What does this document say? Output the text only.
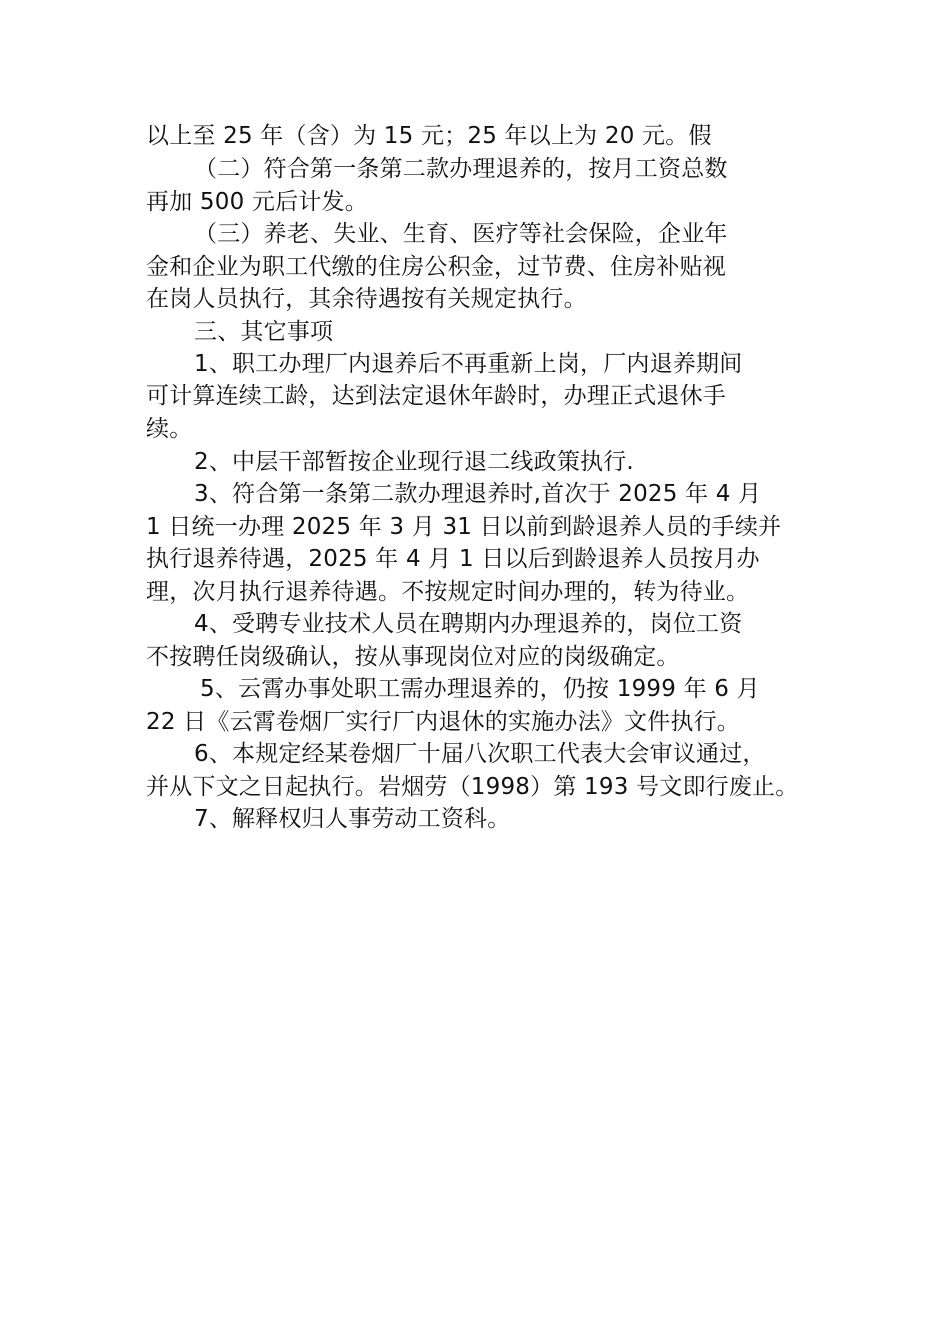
以上至 25 年（含）为 15 元；25 年以上为 20 元。假
（二）符合第一条第二款办理退养的，按月工资总数
再加 500 元后计发。
（三）养老、失业、生育、医疗等社会保险，企业年
金和企业为职工代缴的住房公积金，过节费、住房补贴视
在岗人员执行，其余待遇按有关规定执行。
三、其它事项
1、职工办理厂内退养后不再重新上岗，厂内退养期间
可计算连续工龄，达到法定退休年龄时，办理正式退休手
续。
2、中层干部暂按企业现行退二线政策执行.
3、符合第一条第二款办理退养时,首次于 2025 年 4 月
1 日统一办理 2025 年 3 月 31 日以前到龄退养人员的手续并
执行退养待遇，2025 年 4 月 1 日以后到龄退养人员按月办
理，次月执行退养待遇。不按规定时间办理的，转为待业。
4、受聘专业技术人员在聘期内办理退养的，岗位工资
不按聘任岗级确认，按从事现岗位对应的岗级确定。
5、云霄办事处职工需办理退养的，仍按 1999 年 6 月
22 日《云霄卷烟厂实行厂内退休的实施办法》文件执行。
6、本规定经某卷烟厂十届八次职工代表大会审议通过，
并从下文之日起执行。岩烟劳（1998）第 193 号文即行废止。
7、解释权归人事劳动工资科。
